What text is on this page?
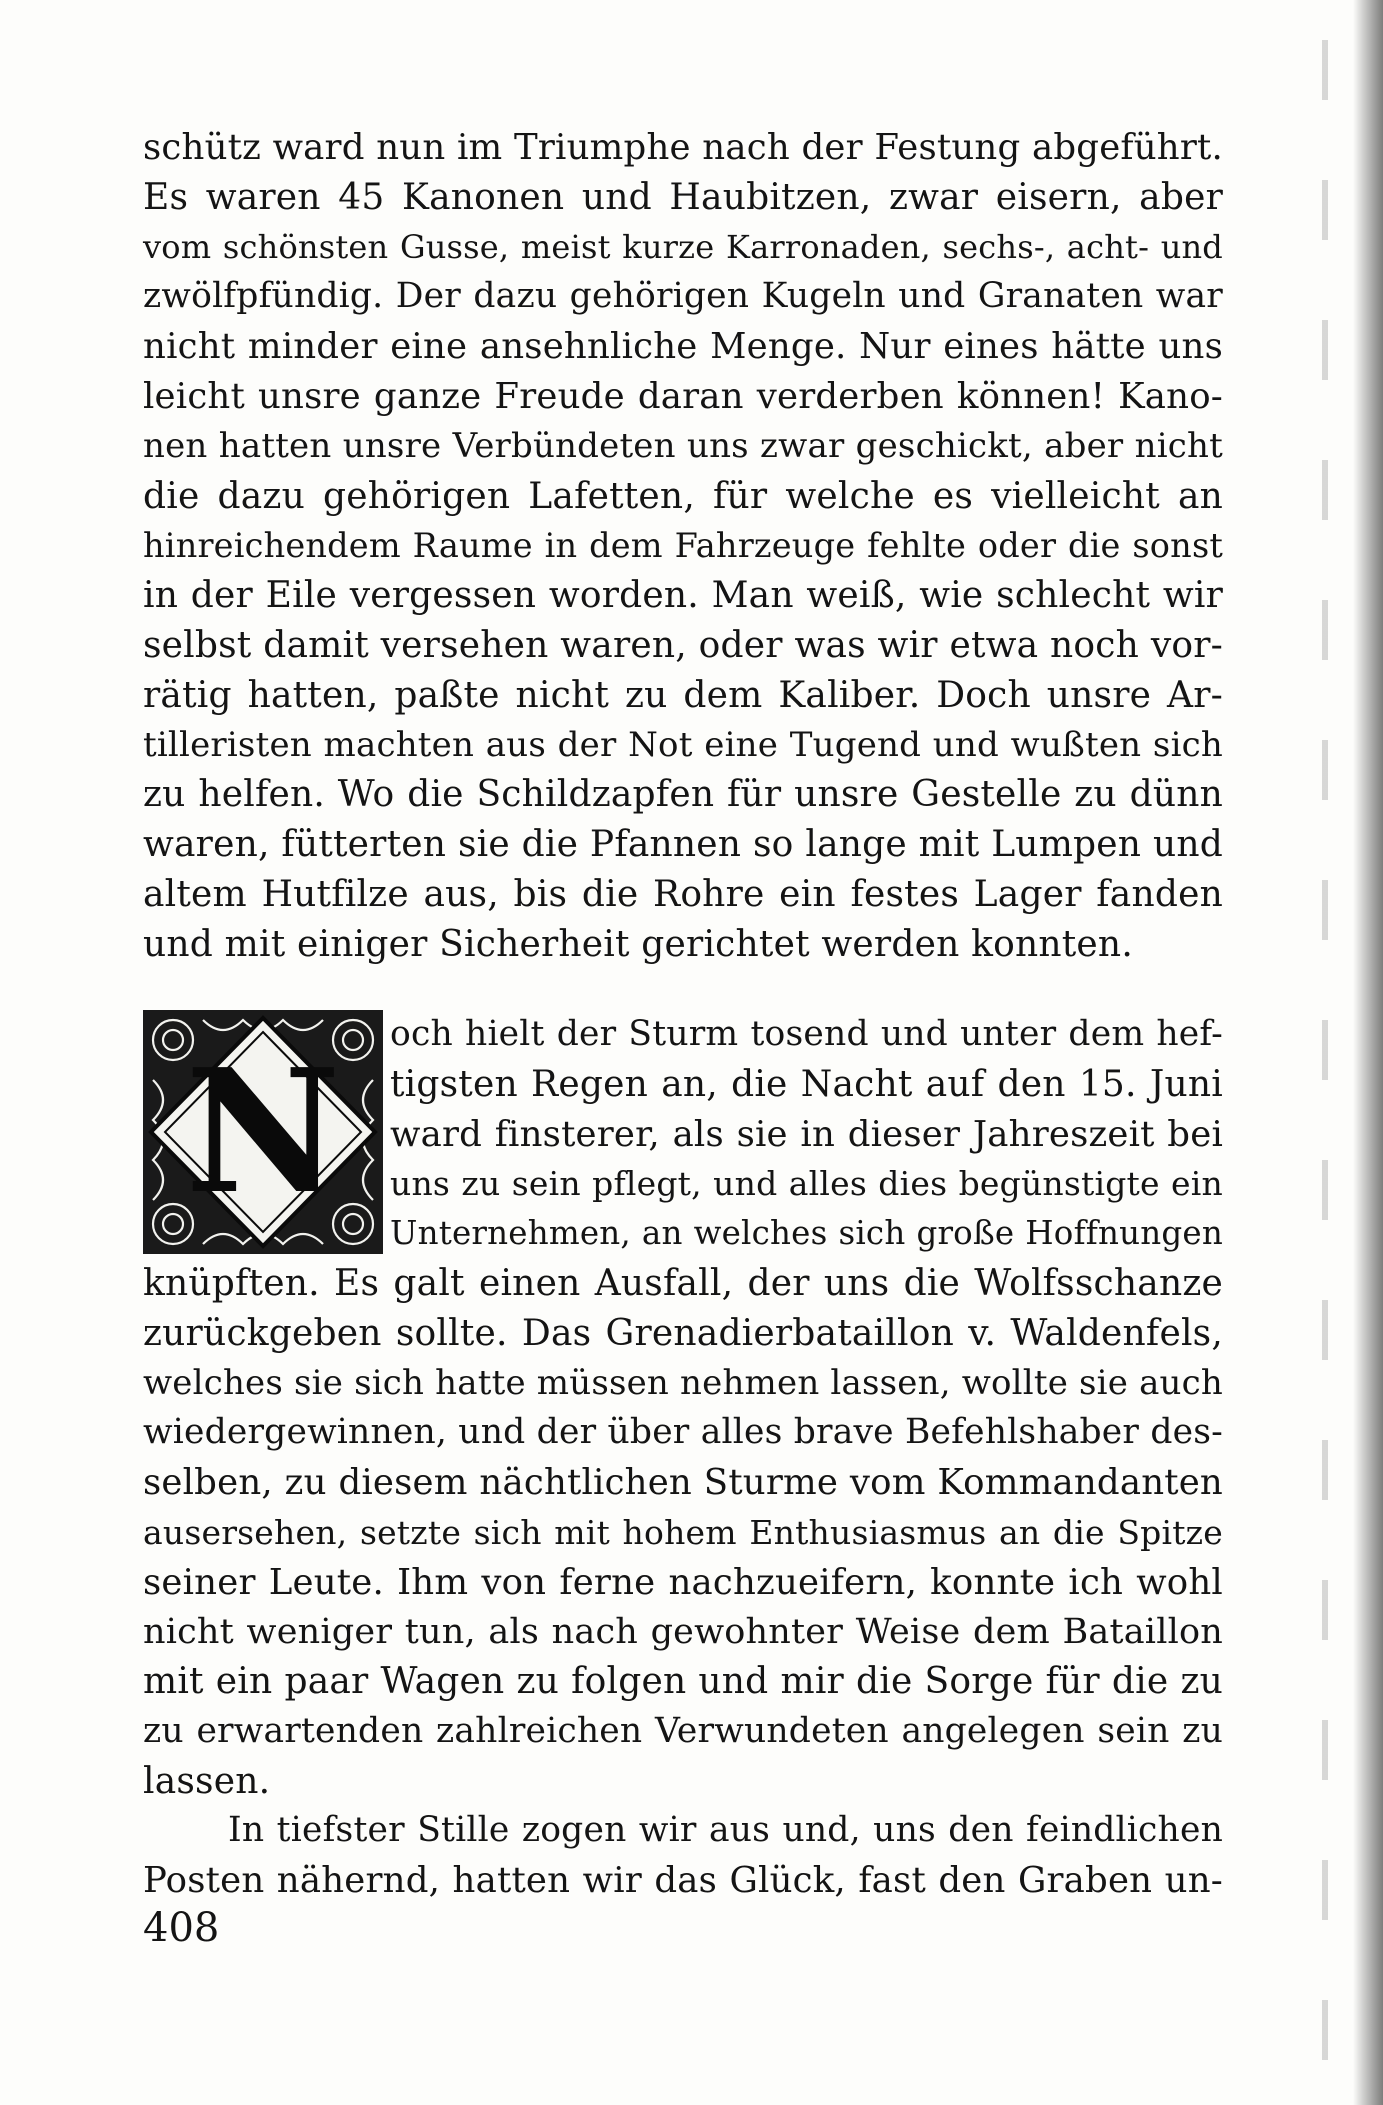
schütz ward nun im Triumphe nach der Festung abgeführt.
Es waren 45 Kanonen und Haubitzen, zwar eisern, aber
vom schönsten Gusse, meist kurze Karronaden, sechs-, acht- und
zwölfpfündig. Der dazu gehörigen Kugeln und Granaten war
nicht minder eine ansehnliche Menge. Nur eines hätte uns
leicht unsre ganze Freude daran verderben können! Kano-
nen hatten unsre Verbündeten uns zwar geschickt, aber nicht
die dazu gehörigen Lafetten, für welche es vielleicht an
hinreichendem Raume in dem Fahrzeuge fehlte oder die sonst
in der Eile vergessen worden. Man weiß, wie schlecht wir
selbst damit versehen waren, oder was wir etwa noch vor-
rätig hatten, paßte nicht zu dem Kaliber. Doch unsre Ar-
tilleristen machten aus der Not eine Tugend und wußten sich
zu helfen. Wo die Schildzapfen für unsre Gestelle zu dünn
waren, fütterten sie die Pfannen so lange mit Lumpen und
altem Hutfilze aus, bis die Rohre ein festes Lager fanden
und mit einiger Sicherheit gerichtet werden konnten.
N	och hielt der Sturm tosend und unter dem hef-
tigsten Regen an, die Nacht auf den 15. Juni
ward finsterer, als sie in dieser Jahreszeit bei
uns zu sein pflegt, und alles dies begünstigte ein
Unternehmen, an welches sich große Hoffnungen
knüpften. Es galt einen Ausfall, der uns die Wolfsschanze
zurückgeben sollte. Das Grenadierbataillon v. Waldenfels,
welches sie sich hatte müssen nehmen lassen, wollte sie auch
wiedergewinnen, und der über alles brave Befehlshaber des-
selben, zu diesem nächtlichen Sturme vom Kommandanten
ausersehen, setzte sich mit hohem Enthusiasmus an die Spitze
seiner Leute. Ihm von ferne nachzueifern, konnte ich wohl
nicht weniger tun, als nach gewohnter Weise dem Bataillon
mit ein paar Wagen zu folgen und mir die Sorge für die zu
zu erwartenden zahlreichen Verwundeten angelegen sein zu
lassen.
In tiefster Stille zogen wir aus und, uns den feindlichen
Posten nähernd, hatten wir das Glück, fast den Graben un-
408
